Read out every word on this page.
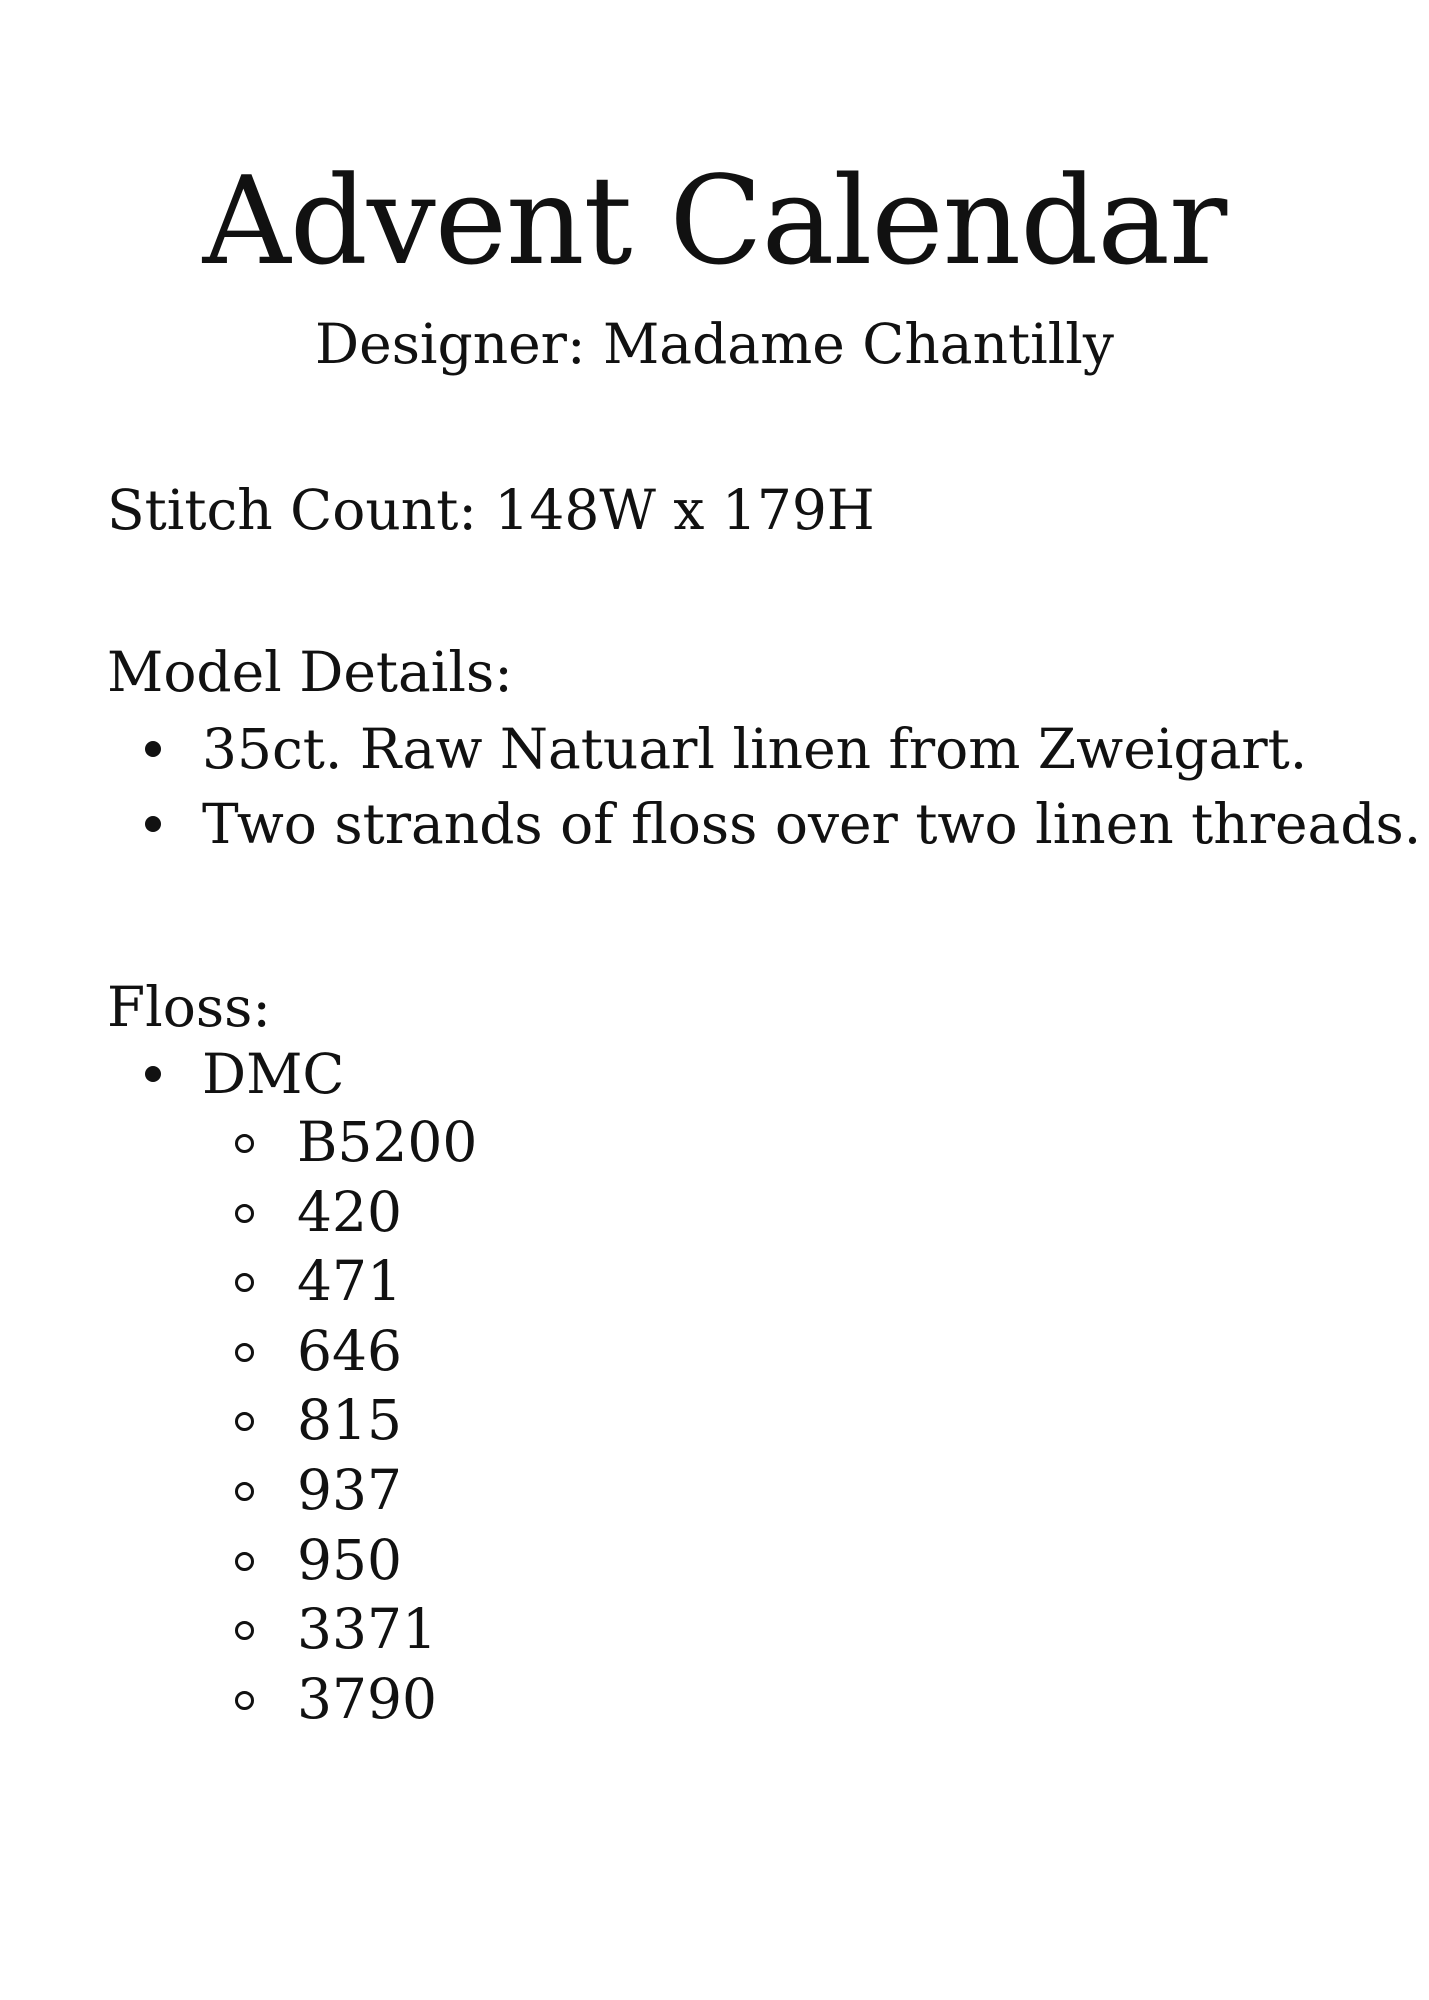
Advent Calendar

Designer: Madame Chantilly

Stitch Count: 148W x 179H

Model Details:

35ct. Raw Natuarl linen from Zweigart.
Two strands of floss over two linen threads.

Floss:

DMC
B5200
420
471
646
815
937
950
3371
3790
